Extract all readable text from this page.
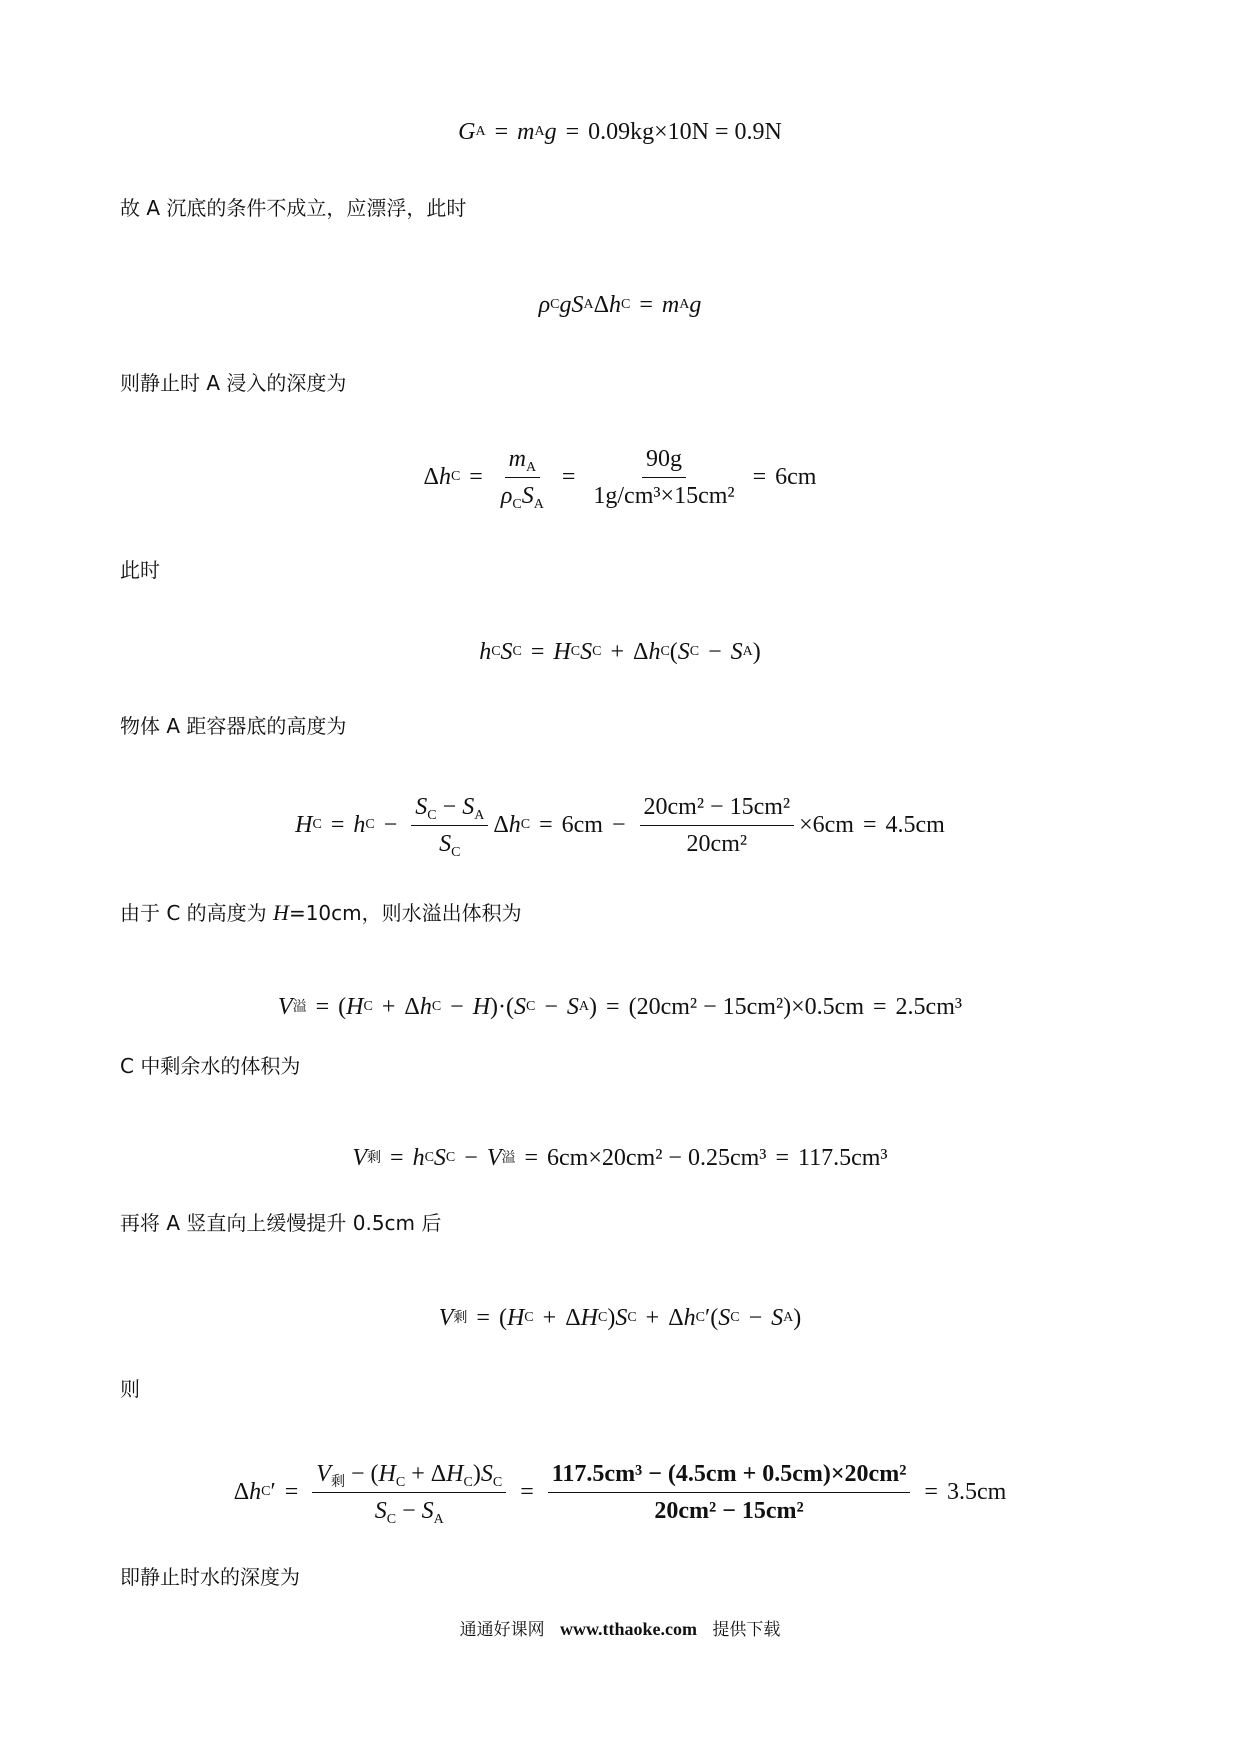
G A = m A g = 0.09kg×10N = 0.9N
故 A 沉底的条件不成立，应漂浮，此时
ρ C gS A Δ h C = m A g
则静止时 A 浸入的深度为
Δ h $C = \frac{m_A}{\rho_CS_A} = \frac{90g}{\text{1g/cm³×15cm²}} = 6cm$
此时
h C S C = H C S C + Δ h C ( S C − S A )
物体 A 距容器底的高度为
H C = h $C - \frac{S_C - S_A}{S_C}$ Δ h $C = 6cm - \frac{\text{20cm² − 15cm²}}{\text{20cm²}} \times 6cm = 4.5cm$
由于 C 的高度为 H=10cm，则水溢出体积为
V 溢 = ( H C + Δ h C − H )·( S C − S A ) = (20cm² − 15cm²)×0.5cm = 2.5cm³
C 中剩余水的体积为
V 剩 = h C S C − V 溢 = 6cm×20cm² − 0.25cm³ = 117.5cm³
再将 A 竖直向上缓慢提升 0.5cm 后
V 剩 = ( H C + Δ H C ) S C + Δ h C ′( S C − S A )
则
Δ h C ′ = $\frac{V_剩 - (H_C + \Delta H_C)S_C}{S_C - S_A} = \frac{\text{117.5cm³ − (4.5cm + 0.5cm)×20cm²}}{\text{20cm² − 15cm²}} = 3.5cm$
即静止时水的深度为
通通好课网 www.tthaoke.com 提供下载
